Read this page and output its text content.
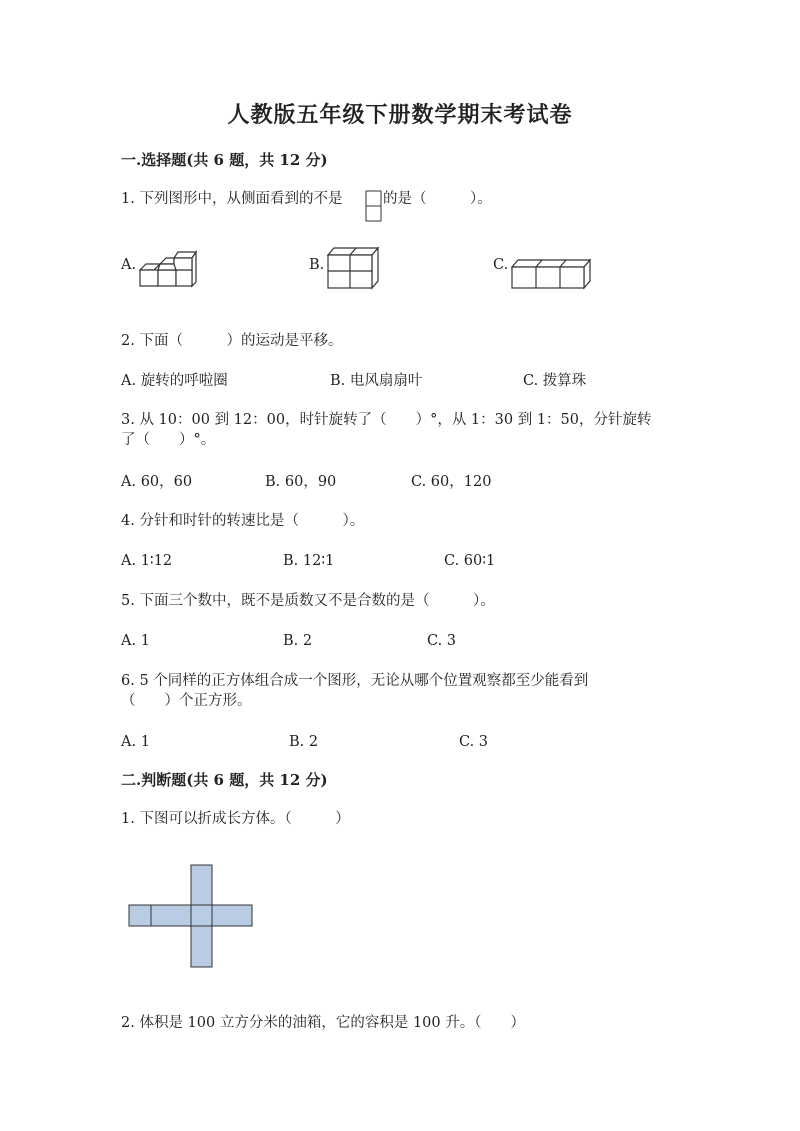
人教版五年级下册数学期末考试卷
一.选择题(共 6 题，共 12 分)
1. 下列图形中，从侧面看到的不是	的是（　　　）。
A.	B.	C.
2. 下面（　　　）的运动是平移。
A. 旋转的呼啦圈	B. 电风扇扇叶	C. 拨算珠
3. 从 10：00 到 12：00，时针旋转了（　　）°，从 1：30 到 1：50，分针旋转
了（　　）°。
A. 60，60	B. 60，90	C. 60，120
4. 分针和时针的转速比是（　　　）。
A. 1∶12	B. 12∶1	C. 60∶1
5. 下面三个数中，既不是质数又不是合数的是（　　　）。
A. 1	B. 2	C. 3
6. 5 个同样的正方体组合成一个图形，无论从哪个位置观察都至少能看到
（　　）个正方形。
A. 1	B. 2	C. 3
二.判断题(共 6 题，共 12 分)
1. 下图可以折成长方体。（　　　）
2. 体积是 100 立方分米的油箱，它的容积是 100 升。（　　）
